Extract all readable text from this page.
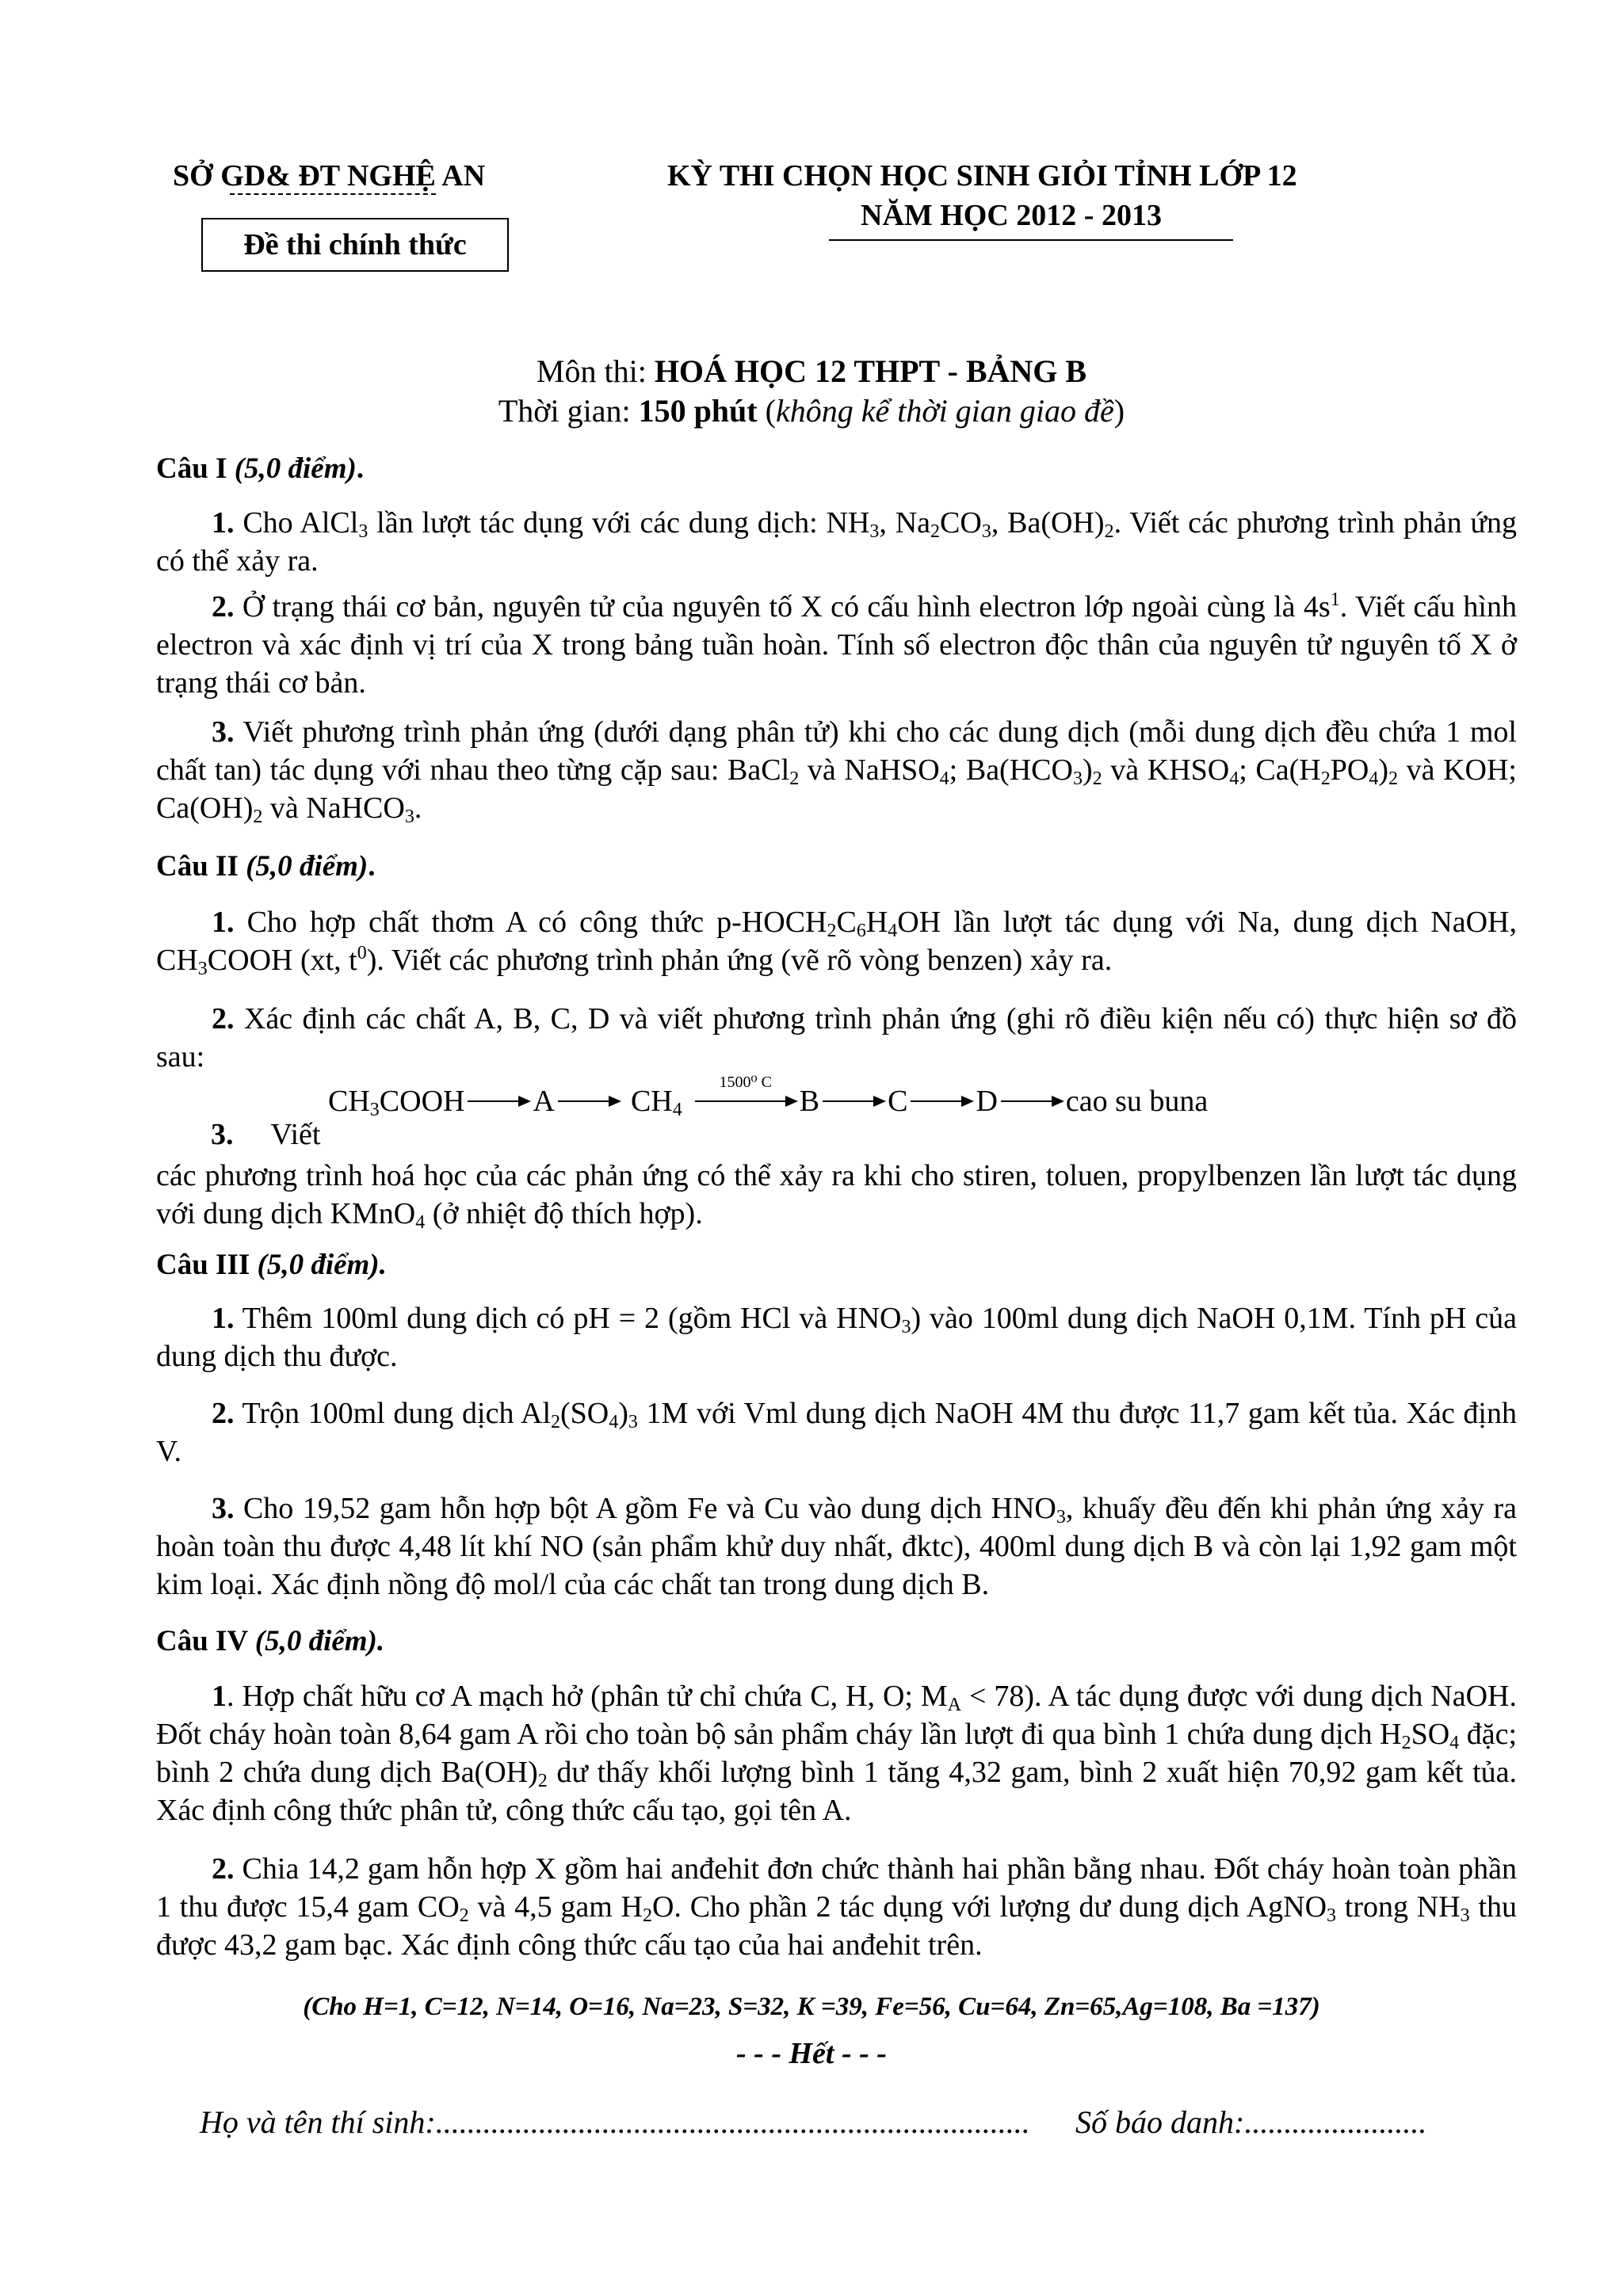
SỞ GD& ĐT NGHỆ AN	KỲ THI CHỌN HỌC SINH GIỎI TỈNH LỚP 12
NĂM HỌC 2012 - 2013
Đề thi chính thức
Môn thi: HOÁ HỌC 12 THPT - BẢNG B
Thời gian: 150 phút (không kể thời gian giao đề)
Câu I (5,0 điểm).

1. Cho AlCl$_3$ lần lượt tác dụng với các dung dịch: $NH_3$, $Na_2CO_3$, $Ba(OH)_2$. Viết các phương trình phản ứng có thể xảy ra.

2. Ở trạng thái cơ bản, nguyên tử của nguyên tố X có cấu hình electron lớp ngoài cùng là $4s^1$. Viết cấu hình electron và xác định vị trí của X trong bảng tuần hoàn. Tính số electron độc thân của nguyên tử nguyên tố X ở trạng thái cơ bản.

3. Viết phương trình phản ứng (dưới dạng phân tử) khi cho các dung dịch (mỗi dung dịch đều chứa 1 mol chất tan) tác dụng với nhau theo từng cặp sau: BaCl$_2$ và NaHSO$_4$; $Ba(HCO_3)_2$ và $KHSO_4$; $Ca(H_2PO_4)_2$ và KOH; $Ca(OH)_2$ và NaHCO$_3$.

Câu II (5,0 điểm).

1. Cho hợp chất thơm A có công thức $p-HOCH_2C_6H_4OH$ lần lượt tác dụng với Na, dung dịch NaOH, $CH_3COOH$ (xt, $t^0$). Viết các phương trình phản ứng (vẽ rõ vòng benzen) xảy ra.

2. Xác định các chất A, B, C, D và viết phương trình phản ứng (ghi rõ điều kiện nếu có) thực hiện sơ đồ sau:

$CH_3COOH$ A	$CH_4$
1500⁰ C
B C D cao su buna
3.     Viết

các phương trình hoá học của các phản ứng có thể xảy ra khi cho stiren, toluen, propylbenzen lần lượt tác dụng với dung dịch KMnO$_4$ (ở nhiệt độ thích hợp).

Câu III (5,0 điểm).

1. Thêm 100ml dung dịch có pH = 2 (gồm HCl và $HNO_3$) vào 100ml dung dịch NaOH 0,1M. Tính pH của dung dịch thu được.

2. Trộn 100ml dung dịch $Al_2(SO_4)_3$ 1M với Vml dung dịch NaOH 4M thu được 11,7 gam kết tủa. Xác định V.

3. Cho 19,52 gam hỗn hợp bột A gồm Fe và Cu vào dung dịch $HNO_3$, khuấy đều đến khi phản ứng xảy ra hoàn toàn thu được 4,48 lít khí NO (sản phẩm khử duy nhất, đktc), 400ml dung dịch B và còn lại 1,92 gam một kim loại. Xác định nồng độ mol/l của các chất tan trong dung dịch B.

Câu IV (5,0 điểm).

1. Hợp chất hữu cơ A mạch hở (phân tử chỉ chứa C, H, O; $M_A < 78$). A tác dụng được với dung dịch NaOH. Đốt cháy hoàn toàn 8,64 gam A rồi cho toàn bộ sản phẩm cháy lần lượt đi qua bình 1 chứa dung dịch $H_2SO_4$ đặc; bình 2 chứa dung dịch $Ba(OH)_2$ dư thấy khối lượng bình 1 tăng 4,32 gam, bình 2 xuất hiện 70,92 gam kết tủa. Xác định công thức phân tử, công thức cấu tạo, gọi tên A.

2. Chia 14,2 gam hỗn hợp X gồm hai anđehit đơn chức thành hai phần bằng nhau. Đốt cháy hoàn toàn phần 1 thu được 15,4 gam $CO_2$ và 4,5 gam $H_2O$. Cho phần 2 tác dụng với lượng dư dung dịch AgNO$_3$ trong $NH_3$ thu được 43,2 gam bạc. Xác định công thức cấu tạo của hai anđehit trên.

(Cho H=1, C=12, N=14, O=16, Na=23, S=32, K =39, Fe=56, Cu=64, Zn=65,Ag=108, Ba =137)
- - - Hết - - -
Họ và tên thí sinh:........................................................................... Số báo danh:.......................
